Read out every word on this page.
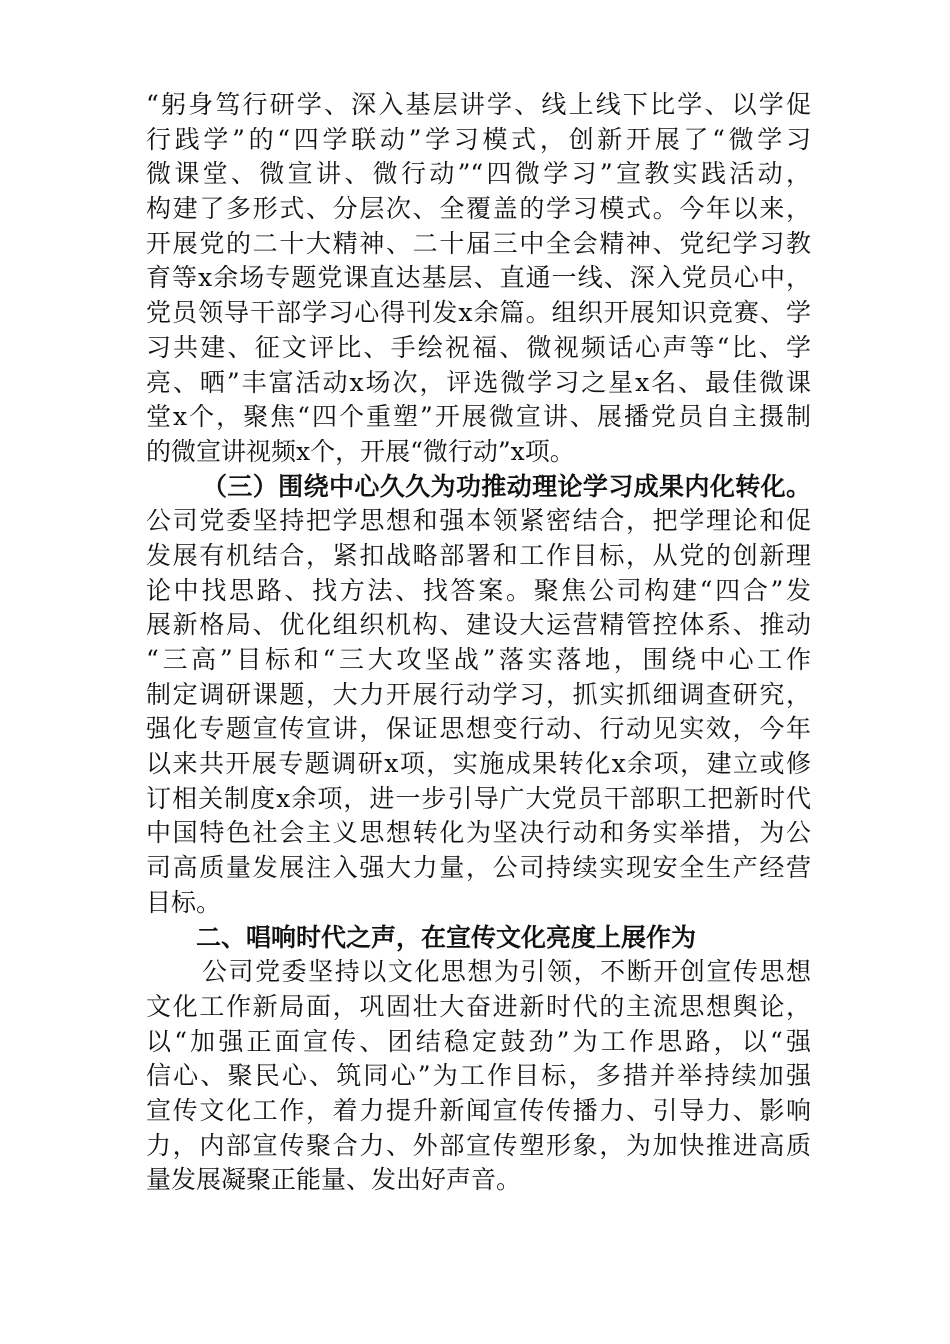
“躬身笃行研学、深入基层讲学、线上线下比学、以学促
行践学”的“四学联动”学习模式，创新开展了“微学习
微课堂、微宣讲、微行动”“四微学习”宣教实践活动，
构建了多形式、分层次、全覆盖的学习模式。今年以来，
开展党的二十大精神、二十届三中全会精神、党纪学习教
育等x余场专题党课直达基层、直通一线、深入党员心中，
党员领导干部学习心得刊发x余篇。组织开展知识竞赛、学
习共建、征文评比、手绘祝福、微视频话心声等“比、学
亮、晒”丰富活动x场次，评选微学习之星x名、最佳微课
堂x个，聚焦“四个重塑”开展微宣讲、展播党员自主摄制
的微宣讲视频x个，开展“微行动”x项。
（三）围绕中心久久为功推动理论学习成果内化转化。
公司党委坚持把学思想和强本领紧密结合，把学理论和促
发展有机结合，紧扣战略部署和工作目标，从党的创新理
论中找思路、找方法、找答案。聚焦公司构建“四合”发
展新格局、优化组织机构、建设大运营精管控体系、推动
“三高”目标和“三大攻坚战”落实落地，围绕中心工作
制定调研课题，大力开展行动学习，抓实抓细调查研究，
强化专题宣传宣讲，保证思想变行动、行动见实效，今年
以来共开展专题调研x项，实施成果转化x余项，建立或修
订相关制度x余项，进一步引导广大党员干部职工把新时代
中国特色社会主义思想转化为坚决行动和务实举措，为公
司高质量发展注入强大力量，公司持续实现安全生产经营
目标。
二、唱响时代之声，在宣传文化亮度上展作为
公司党委坚持以文化思想为引领，不断开创宣传思想
文化工作新局面，巩固壮大奋进新时代的主流思想舆论，
以“加强正面宣传、团结稳定鼓劲”为工作思路，以“强
信心、聚民心、筑同心”为工作目标，多措并举持续加强
宣传文化工作，着力提升新闻宣传传播力、引导力、影响
力，内部宣传聚合力、外部宣传塑形象，为加快推进高质
量发展凝聚正能量、发出好声音。
